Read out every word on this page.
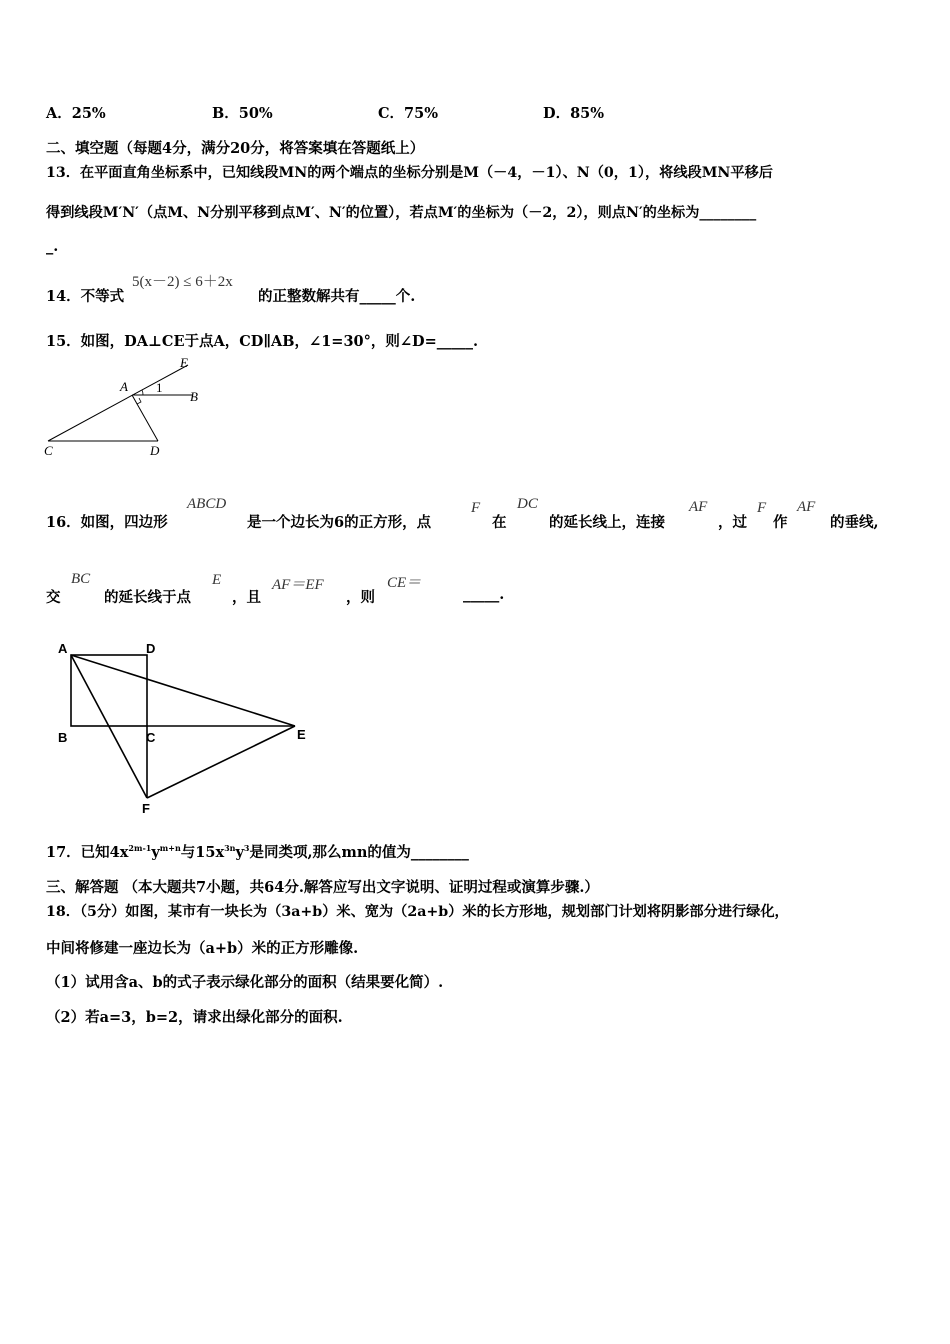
A．25%	B．50%	C．75%	D．85%
二、填空题（每题4分，满分20分，将答案填在答题纸上）
13．在平面直角坐标系中，已知线段MN的两个端点的坐标分别是M（－4，－1）、N（0，1），将线段MN平移后
得到线段M′N′（点M、N分别平移到点M′、N′的位置），若点M′的坐标为（－2，2），则点N′的坐标为________
_.
14．不等式
5(x－2) ≤ 6＋2x
的正整数解共有_____个.
15．如图，DA⊥CE于点A，CD∥AB，∠1=30°，则∠D=_____.
E
A 1
B
C	D
16．如图，四边形
ABCD
是一个边长为6的正方形，点
F
在
DC
的延长线上，连接
AF
，过
F
作
AF
的垂线,
交
BC
的延长线于点
E
，且
AF＝EF
，则
CE＝
_____.
A	D
B	C	E
F
17．已知$4x^{2m-1}y^{m+n}$与$15x^{3n}y^3$是同类项,那么mn的值为________
三、解答题 （本大题共7小题，共64分.解答应写出文字说明、证明过程或演算步骤.）
18．（5分）如图，某市有一块长为（3a+b）米、宽为（2a+b）米的长方形地，规划部门计划将阴影部分进行绿化，
中间将修建一座边长为（a+b）米的正方形雕像.
（1）试用含a、b的式子表示绿化部分的面积（结果要化简）.
（2）若a=3，b=2，请求出绿化部分的面积.
